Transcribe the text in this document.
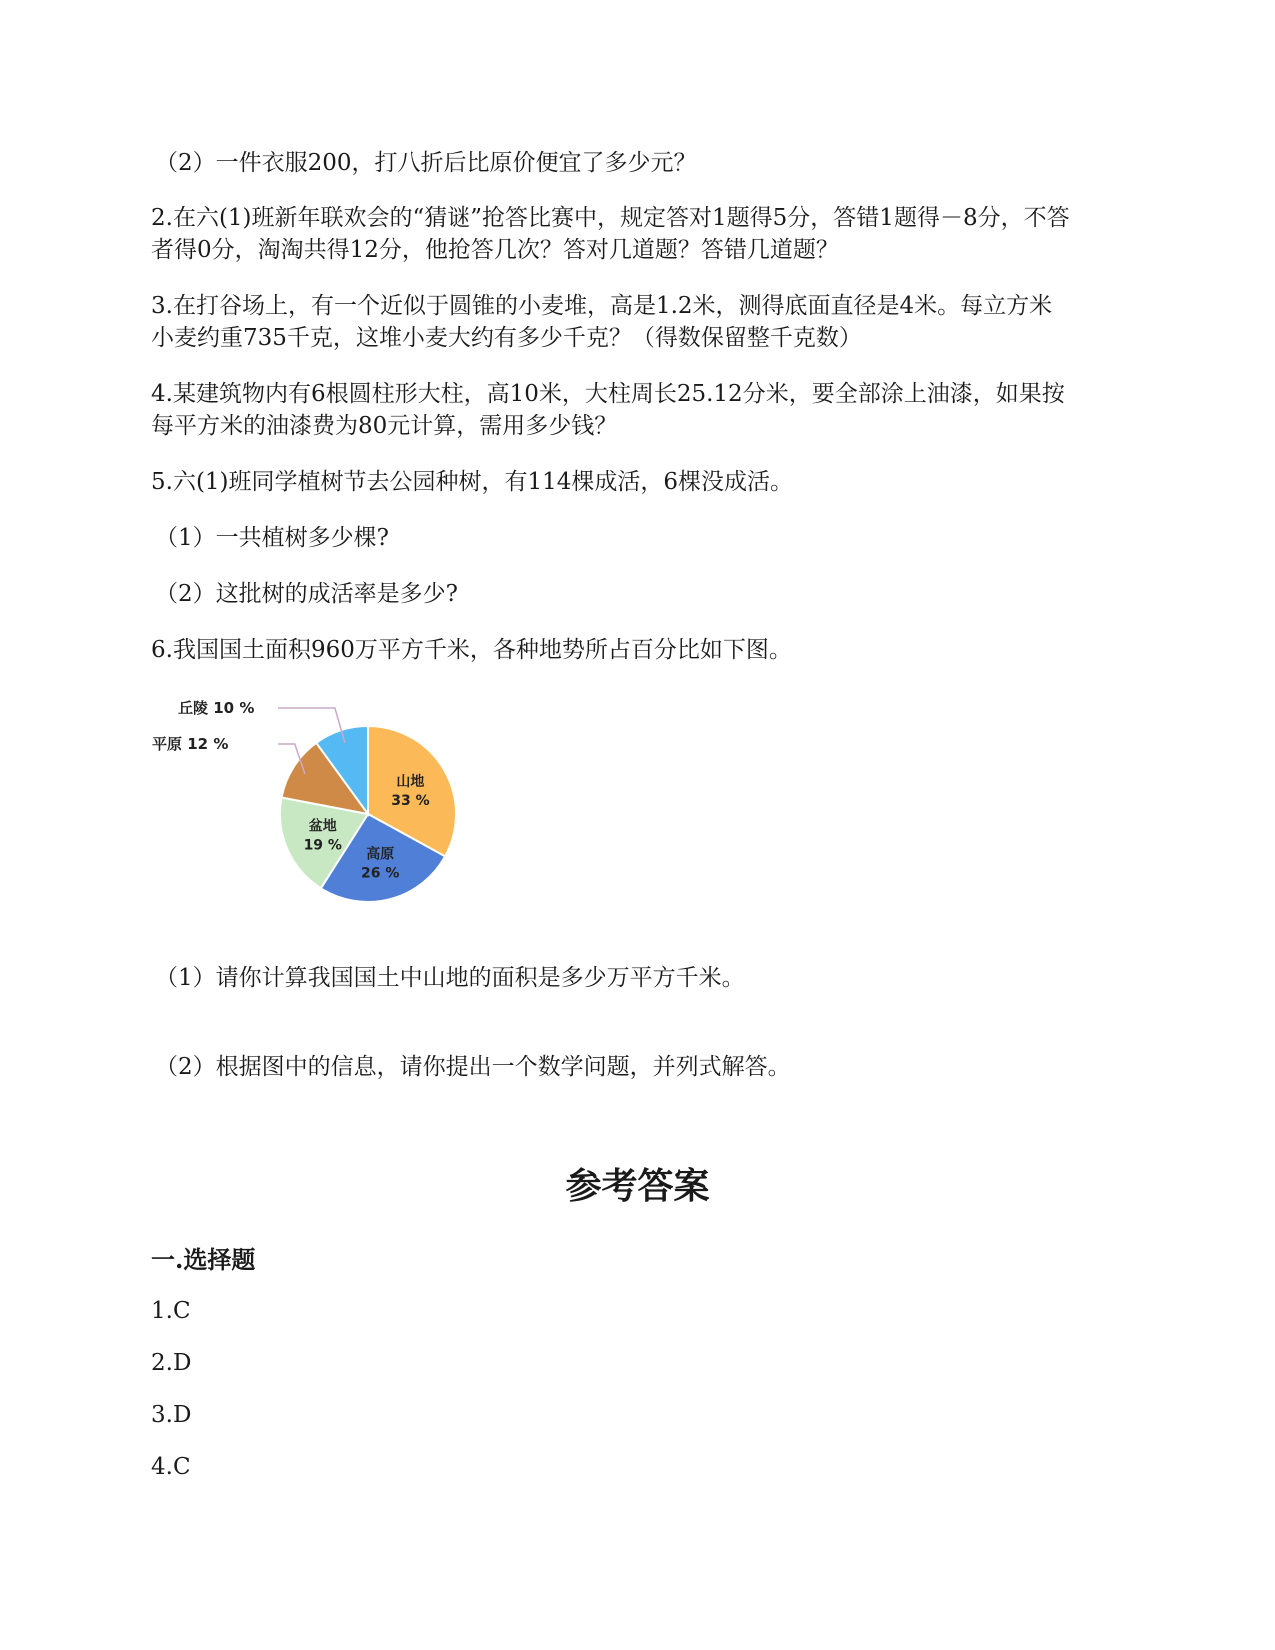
（2）一件衣服200，打八折后比原价便宜了多少元？

2.在六(1)班新年联欢会的“猜谜”抢答比赛中，规定答对1题得5分，答错1题得－8分，不答

者得0分，淘淘共得12分，他抢答几次？答对几道题？答错几道题？

3.在打谷场上，有一个近似于圆锥的小麦堆，高是1.2米，测得底面直径是4米。每立方米

小麦约重735千克，这堆小麦大约有多少千克？（得数保留整千克数）

4.某建筑物内有6根圆柱形大柱，高10米，大柱周长25.12分米，要全部涂上油漆，如果按

每平方米的油漆费为80元计算，需用多少钱？

5.六(1)班同学植树节去公园种树，有114棵成活，6棵没成活。

（1）一共植树多少棵?

（2）这批树的成活率是多少?

6.我国国土面积960万平方千米，各种地势所占百分比如下图。

山地
33 %
高原
26 %
盆地
19 %
平原 12 %
丘陵 10 %

（1）请你计算我国国土中山地的面积是多少万平方千米。

（2）根据图中的信息，请你提出一个数学问题，并列式解答。

参考答案
一.选择题

1.C

2.D

3.D

4.C
